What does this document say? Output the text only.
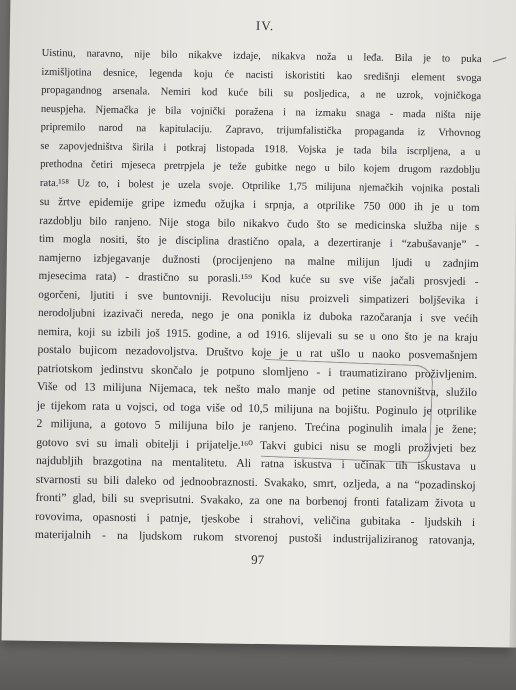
IV.
Uistinu, naravno, nije bilo nikakve izdaje, nikakva noža u leđa. Bila je to puka
izmišljotina desnice, legenda koju će nacisti iskoristiti kao središnji element svoga
propagandnog arsenala. Nemiri kod kuće bili su posljedica, a ne uzrok, vojničkoga
neuspjeha. Njemačka je bila vojnički poražena i na izmaku snaga - mada ništa nije
pripremilo narod na kapitulaciju. Zapravo, trijumfalistička propaganda iz Vrhovnog
se zapovjedništva širila i potkraj listopada 1918. Vojska je tada bila iscrpljena, a u
prethodna četiri mjeseca pretrpjela je teže gubitke nego u bilo kojem drugom razdoblju
rata.¹⁵⁸ Uz to, i bolest je uzela svoje. Otprilike 1,75 milijuna njemačkih vojnika postali
su žrtve epidemije gripe između ožujka i srpnja, a otprilike 750 000 ih je u tom
razdoblju bilo ranjeno. Nije stoga bilo nikakvo čudo što se medicinska služba nije s
tim mogla nositi, što je disciplina drastično opala, a dezertiranje i “zabušavanje” -
namjerno izbjegavanje dužnosti (procijenjeno na malne milijun ljudi u zadnjim
mjesecima rata) - drastično su porasli.¹⁵⁹ Kod kuće su sve više jačali prosvjedi -
ogorčeni, ljutiti i sve buntovniji. Revoluciju nisu proizveli simpatizeri boljševika i
nerodoljubni izazivači nereda, nego je ona ponikla iz duboka razočaranja i sve većih
nemira, koji su izbili još 1915. godine, a od 1916. slijevali su se u ono što je na kraju
postalo bujicom nezadovoljstva. Društvo koje je u rat ušlo u naoko posvemašnjem
patriotskom jedinstvu skončalo je potpuno slomljeno - i traumatizirano proživljenim.
Više od 13 milijuna Nijemaca, tek nešto malo manje od petine stanovništva, služilo
je tijekom rata u vojsci, od toga više od 10,5 milijuna na bojištu. Poginulo je otprilike
2 milijuna, a gotovo 5 milijuna bilo je ranjeno. Trećina poginulih imala je žene;
gotovo svi su imali obitelji i prijatelje.¹⁶⁰ Takvi gubici nisu se mogli proživjeti bez
najdubljih brazgotina na mentalitetu. Ali ratna iskustva i učinak tih iskustava u
stvarnosti su bili daleko od jednoobraznosti. Svakako, smrt, ozljeda, a na “pozadinskoj
fronti” glad, bili su sveprisutni. Svakako, za one na borbenoj fronti fatalizam života u
rovovima, opasnosti i patnje, tjeskobe i strahovi, veličina gubitaka - ljudskih i
materijalnih - na ljudskom rukom stvorenoj pustoši industrijaliziranog ratovanja,
97
